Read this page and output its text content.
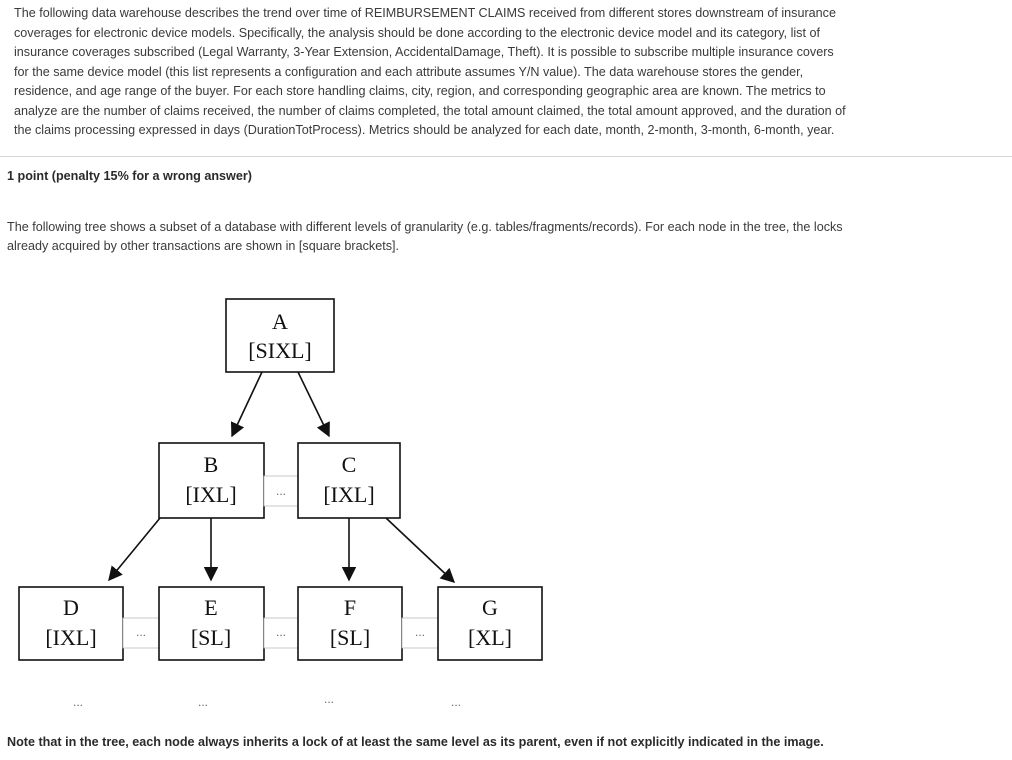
The following data warehouse describes the trend over time of REIMBURSEMENT CLAIMS received from different stores downstream of insurance
coverages for electronic device models. Specifically, the analysis should be done according to the electronic device model and its category, list of
insurance coverages subscribed (Legal Warranty, 3-Year Extension, AccidentalDamage, Theft). It is possible to subscribe multiple insurance covers
for the same device model (this list represents a configuration and each attribute assumes Y/N value). The data warehouse stores the gender,
residence, and age range of the buyer. For each store handling claims, city, region, and corresponding geographic area are known. The metrics to
analyze are the number of claims received, the number of claims completed, the total amount claimed, the total amount approved, and the duration of
the claims processing expressed in days (DurationTotProcess). Metrics should be analyzed for each date, month, 2-month, 3-month, 6-month, year.
1 point (penalty 15% for a wrong answer)
The following tree shows a subset of a database with different levels of granularity (e.g. tables/fragments/records). For each node in the tree, the locks
already acquired by other transactions are shown in [square brackets].
A
[SIXL]
B
[IXL]	...
C
[IXL]
D
[IXL]	...
E
[SL]	...
F
[SL]	...
G
[XL]
...	...	...	...
Note that in the tree, each node always inherits a lock of at least the same level as its parent, even if not explicitly indicated in the image.
